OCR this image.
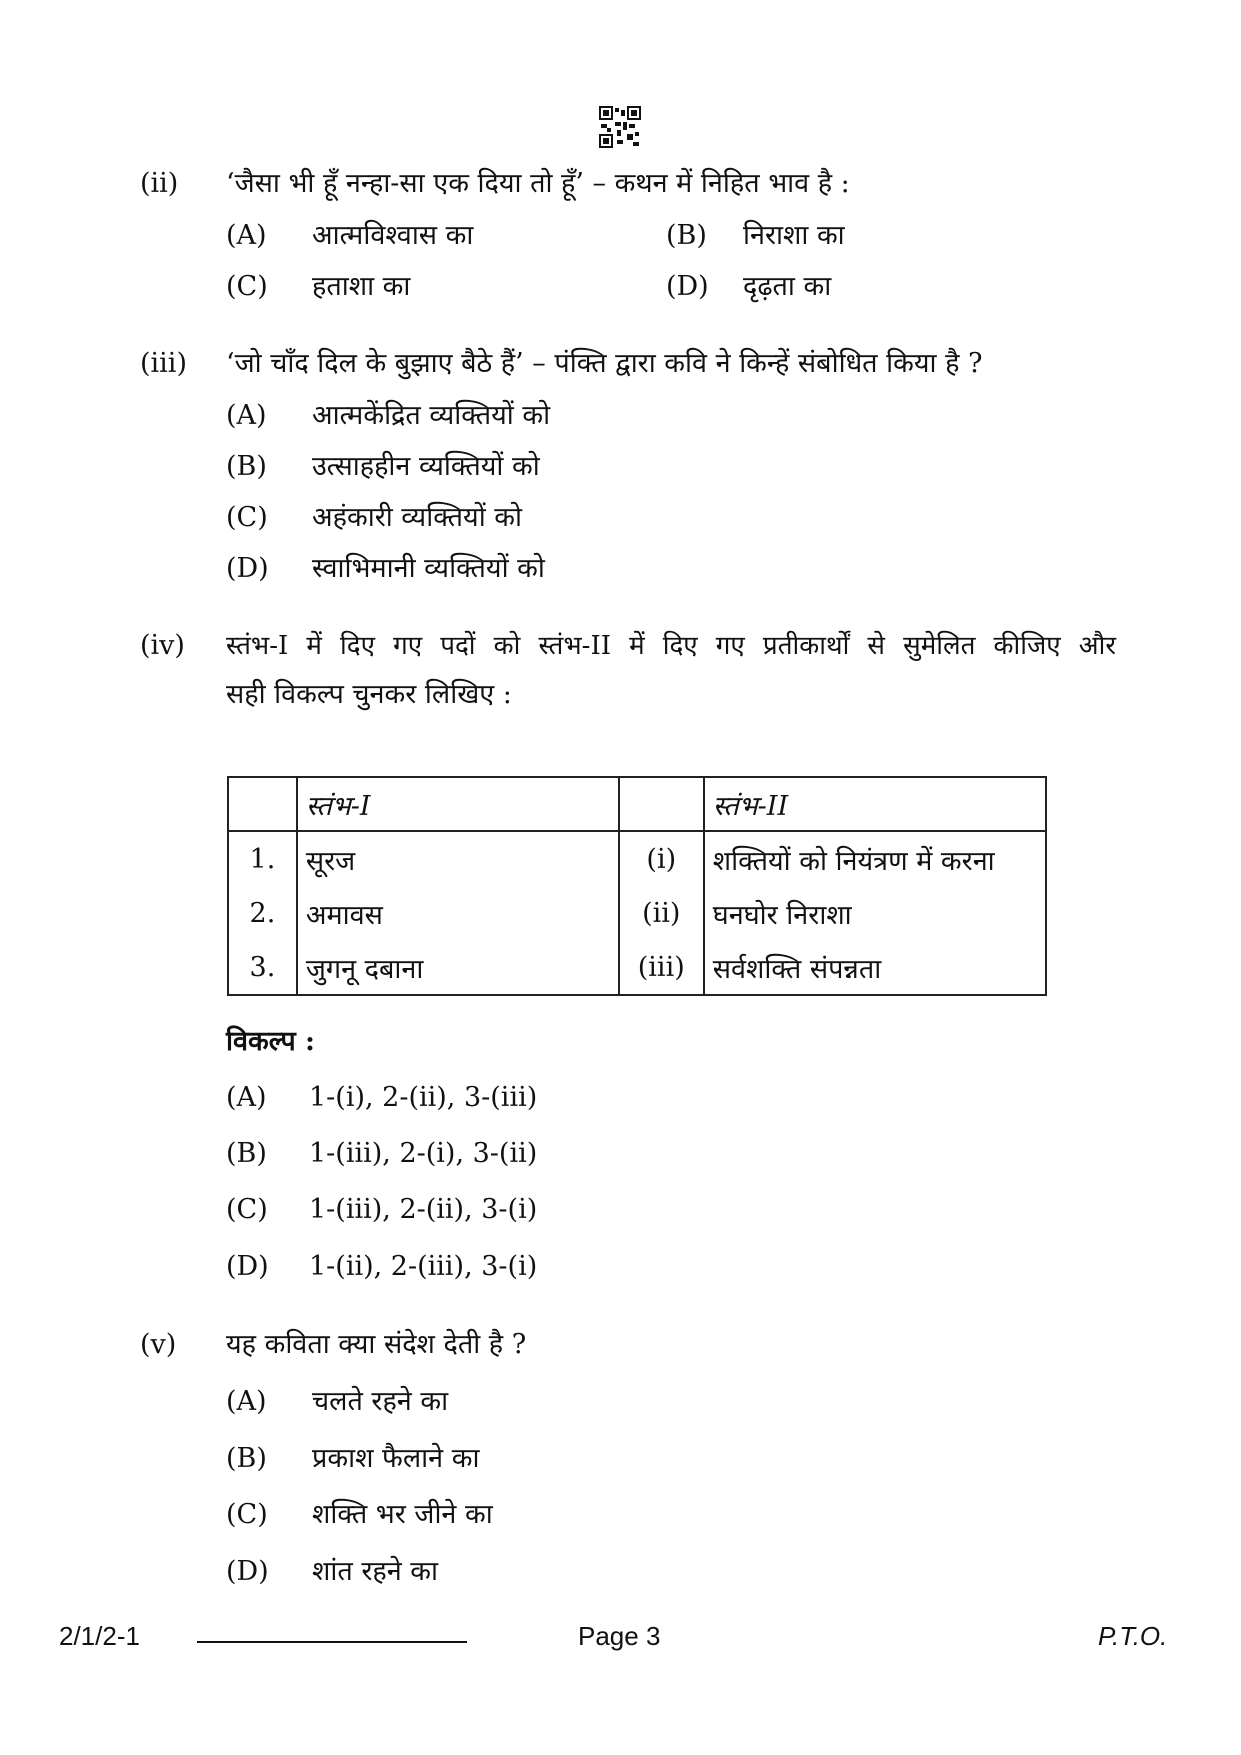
(ii)	‘जैसा भी हूँ नन्हा-सा एक दिया तो हूँ’ – कथन में निहित भाव है :
(A)	आत्मविश्वास का	(B)	निराशा का
(C)	हताशा का	(D)	दृढ़ता का
(iii)	‘जो चाँद दिल के बुझाए बैठे हैं’ – पंक्ति द्वारा कवि ने किन्हें संबोधित किया है ?
(A)	आत्मकेंद्रित व्यक्तियों को
(B)	उत्साहहीन व्यक्तियों को
(C)	अहंकारी व्यक्तियों को
(D)	स्वाभिमानी व्यक्तियों को
(iv)	स्तंभ-I में दिए गए पदों को स्तंभ-II में दिए गए प्रतीकार्थों से सुमेलित कीजिए और
सही विकल्प चुनकर लिखिए :
	स्तंभ-I		स्तंभ-II
1.	सूरज	(i)	शक्तियों को नियंत्रण में करना
2.	अमावस	(ii)	घनघोर निराशा
3.	जुगनू दबाना	(iii)	सर्वशक्ति संपन्नता
विकल्प :
(A)	1-(i), 2-(ii), 3-(iii)
(B)	1-(iii), 2-(i), 3-(ii)
(C)	1-(iii), 2-(ii), 3-(i)
(D)	1-(ii), 2-(iii), 3-(i)
(v)	यह कविता क्या संदेश देती है ?
(A)	चलते रहने का
(B)	प्रकाश फैलाने का
(C)	शक्ति भर जीने का
(D)	शांत रहने का
2/1/2-1	Page 3	P.T.O.
